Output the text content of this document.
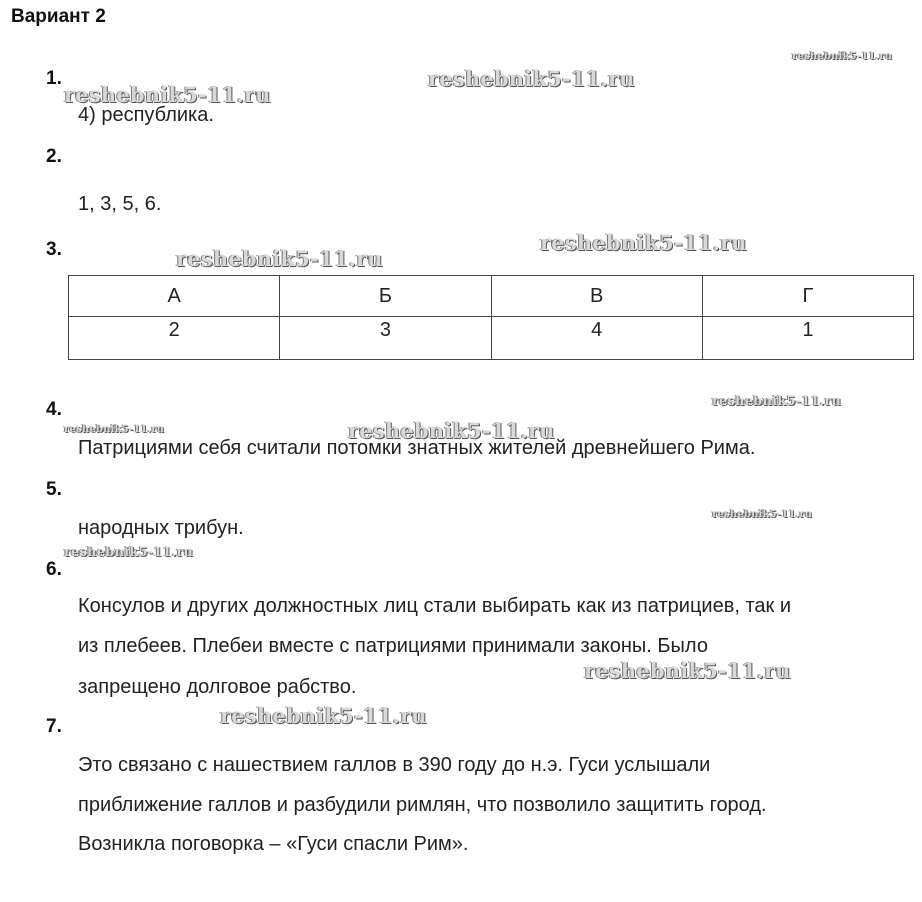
Вариант 2
1.
4) республика.
2.
1, 3, 5, 6.
3.
А	Б	В	Г
2	3	4	1
4.
Патрициями себя считали потомки знатных жителей древнейшего Рима.
5.
народных трибун.
6.
Консулов и других должностных лиц стали выбирать как из патрициев, так и
из плебеев. Плебеи вместе с патрициями принимали законы. Было
запрещено долговое рабство.
7.
Это связано с нашествием галлов в 390 году до н.э. Гуси услышали
приближение галлов и разбудили римлян, что позволило защитить город.
Возникла поговорка – «Гуси спасли Рим».
reshebnik5-11.ru
reshebnik5-11.ru
reshebnik5-11.ru
reshebnik5-11.ru
reshebnik5-11.ru
reshebnik5-11.ru
reshebnik5-11.ru	reshebnik5-11.ru
reshebnik5-11.ru
reshebnik5-11.ru
reshebnik5-11.ru
reshebnik5-11.ru
